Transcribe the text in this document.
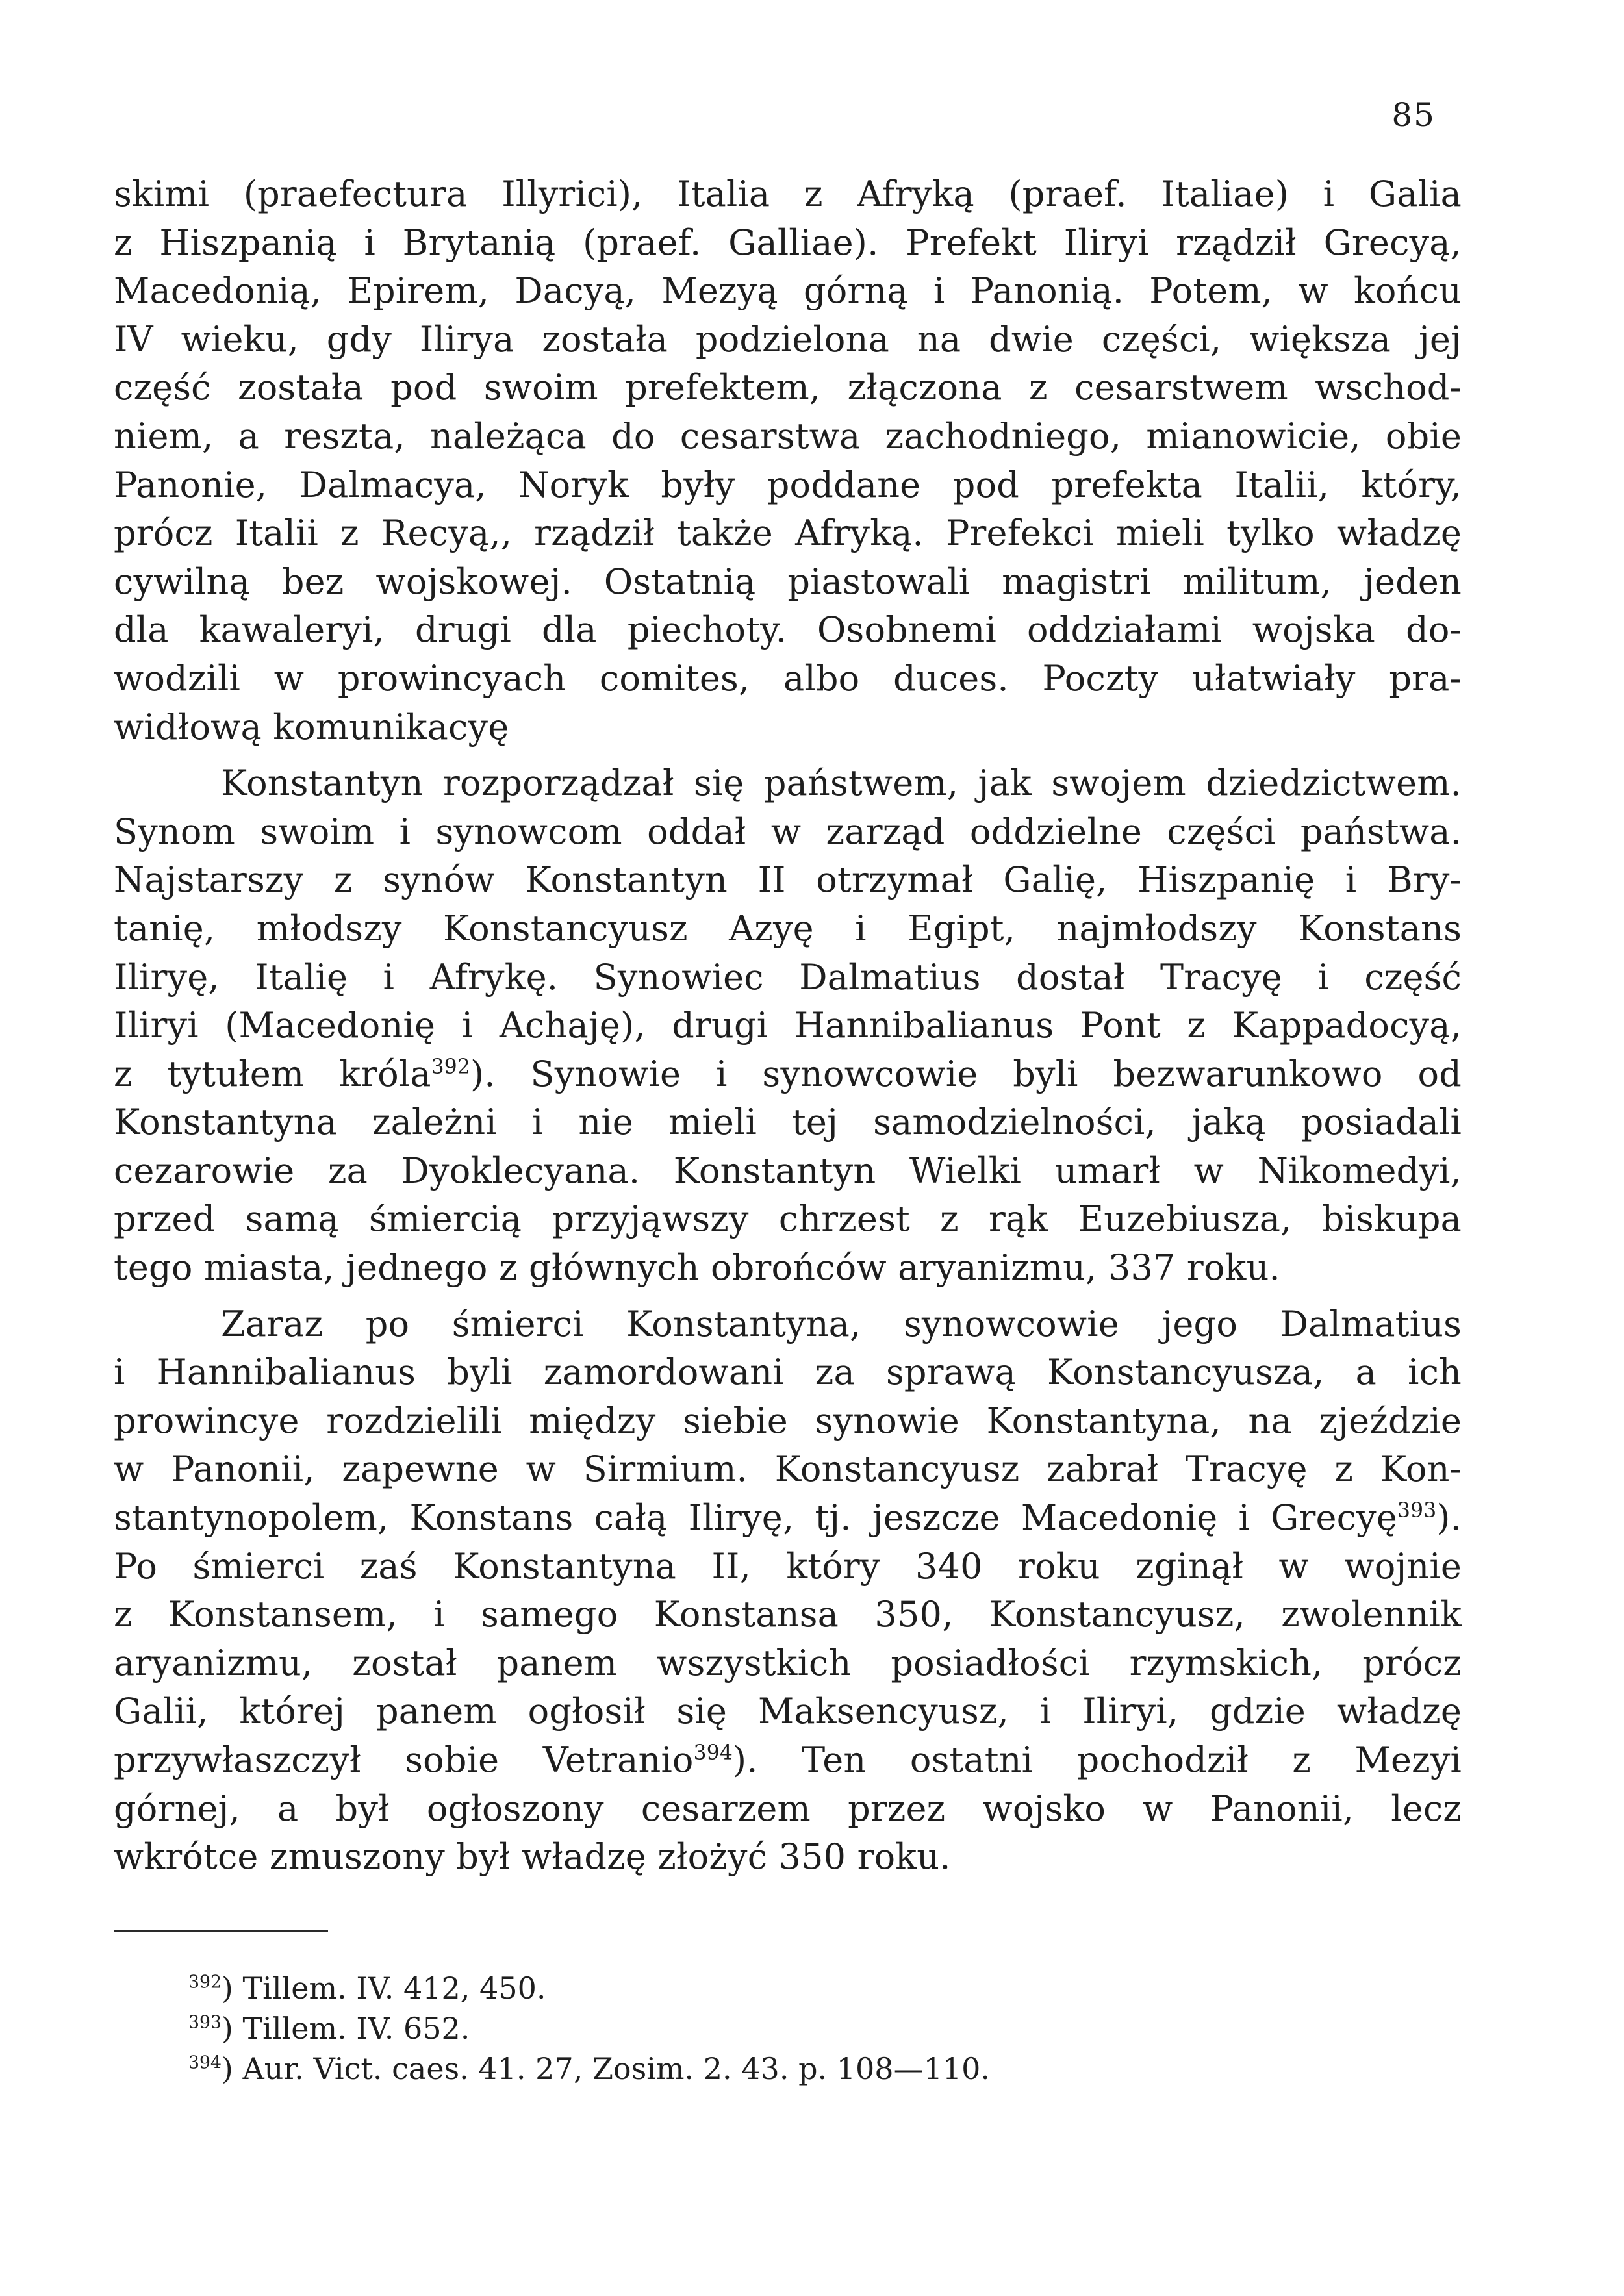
85
skimi (praefectura Illyrici), Italia z Afryką (praef. Italiae) i Galia
z Hiszpanią i Brytanią (praef. Galliae). Prefekt Iliryi rządził Grecyą,
Macedonią, Epirem, Dacyą, Mezyą górną i Panonią. Potem, w końcu
IV wieku, gdy Ilirya została podzielona na dwie części, większa jej
część została pod swoim prefektem, złączona z cesarstwem wschod-
niem, a reszta, należąca do cesarstwa zachodniego, mianowicie, obie
Panonie, Dalmacya, Noryk były poddane pod prefekta Italii, który,
prócz Italii z Recyą,, rządził także Afryką. Prefekci mieli tylko władzę
cywilną bez wojskowej. Ostatnią piastowali magistri militum, jeden
dla kawaleryi, drugi dla piechoty. Osobnemi oddziałami wojska do-
wodzili w prowincyach comites, albo duces. Poczty ułatwiały pra-
widłową komunikacyę
Konstantyn rozporządzał się państwem, jak swojem dziedzictwem.
Synom swoim i synowcom oddał w zarząd oddzielne części państwa.
Najstarszy z synów Konstantyn II otrzymał Galię, Hiszpanię i Bry-
tanię, młodszy Konstancyusz Azyę i Egipt, najmłodszy Konstans
Iliryę, Italię i Afrykę. Synowiec Dalmatius dostał Tracyę i część
Iliryi (Macedonię i Achaję), drugi Hannibalianus Pont z Kappadocyą,
z tytułem króla$^{392}$). Synowie i synowcowie byli bezwarunkowo od
Konstantyna zależni i nie mieli tej samodzielności, jaką posiadali
cezarowie za Dyoklecyana. Konstantyn Wielki umarł w Nikomedyi,
przed samą śmiercią przyjąwszy chrzest z rąk Euzebiusza, biskupa
tego miasta, jednego z głównych obrońców aryanizmu, 337 roku.
Zaraz po śmierci Konstantyna, synowcowie jego Dalmatius
i Hannibalianus byli zamordowani za sprawą Konstancyusza, a ich
prowincye rozdzielili między siebie synowie Konstantyna, na zjeździe
w Panonii, zapewne w Sirmium. Konstancyusz zabrał Tracyę z Kon-
stantynopolem, Konstans całą Iliryę, tj. jeszcze Macedonię i Grecyę$^{393}$).
Po śmierci zaś Konstantyna II, który 340 roku zginął w wojnie
z Konstansem, i samego Konstansa 350, Konstancyusz, zwolennik
aryanizmu, został panem wszystkich posiadłości rzymskich, prócz
Galii, której panem ogłosił się Maksencyusz, i Iliryi, gdzie władzę
przywłaszczył sobie Vetranio$^{394}$). Ten ostatni pochodził z Mezyi
górnej, a był ogłoszony cesarzem przez wojsko w Panonii, lecz
wkrótce zmuszony był władzę złożyć 350 roku.
$^{392}$) Tillem. IV. 412, 450.
$^{393}$) Tillem. IV. 652.
$^{394}$) Aur. Vict. caes. 41. 27, Zosim. 2. 43. p. 108—110.
